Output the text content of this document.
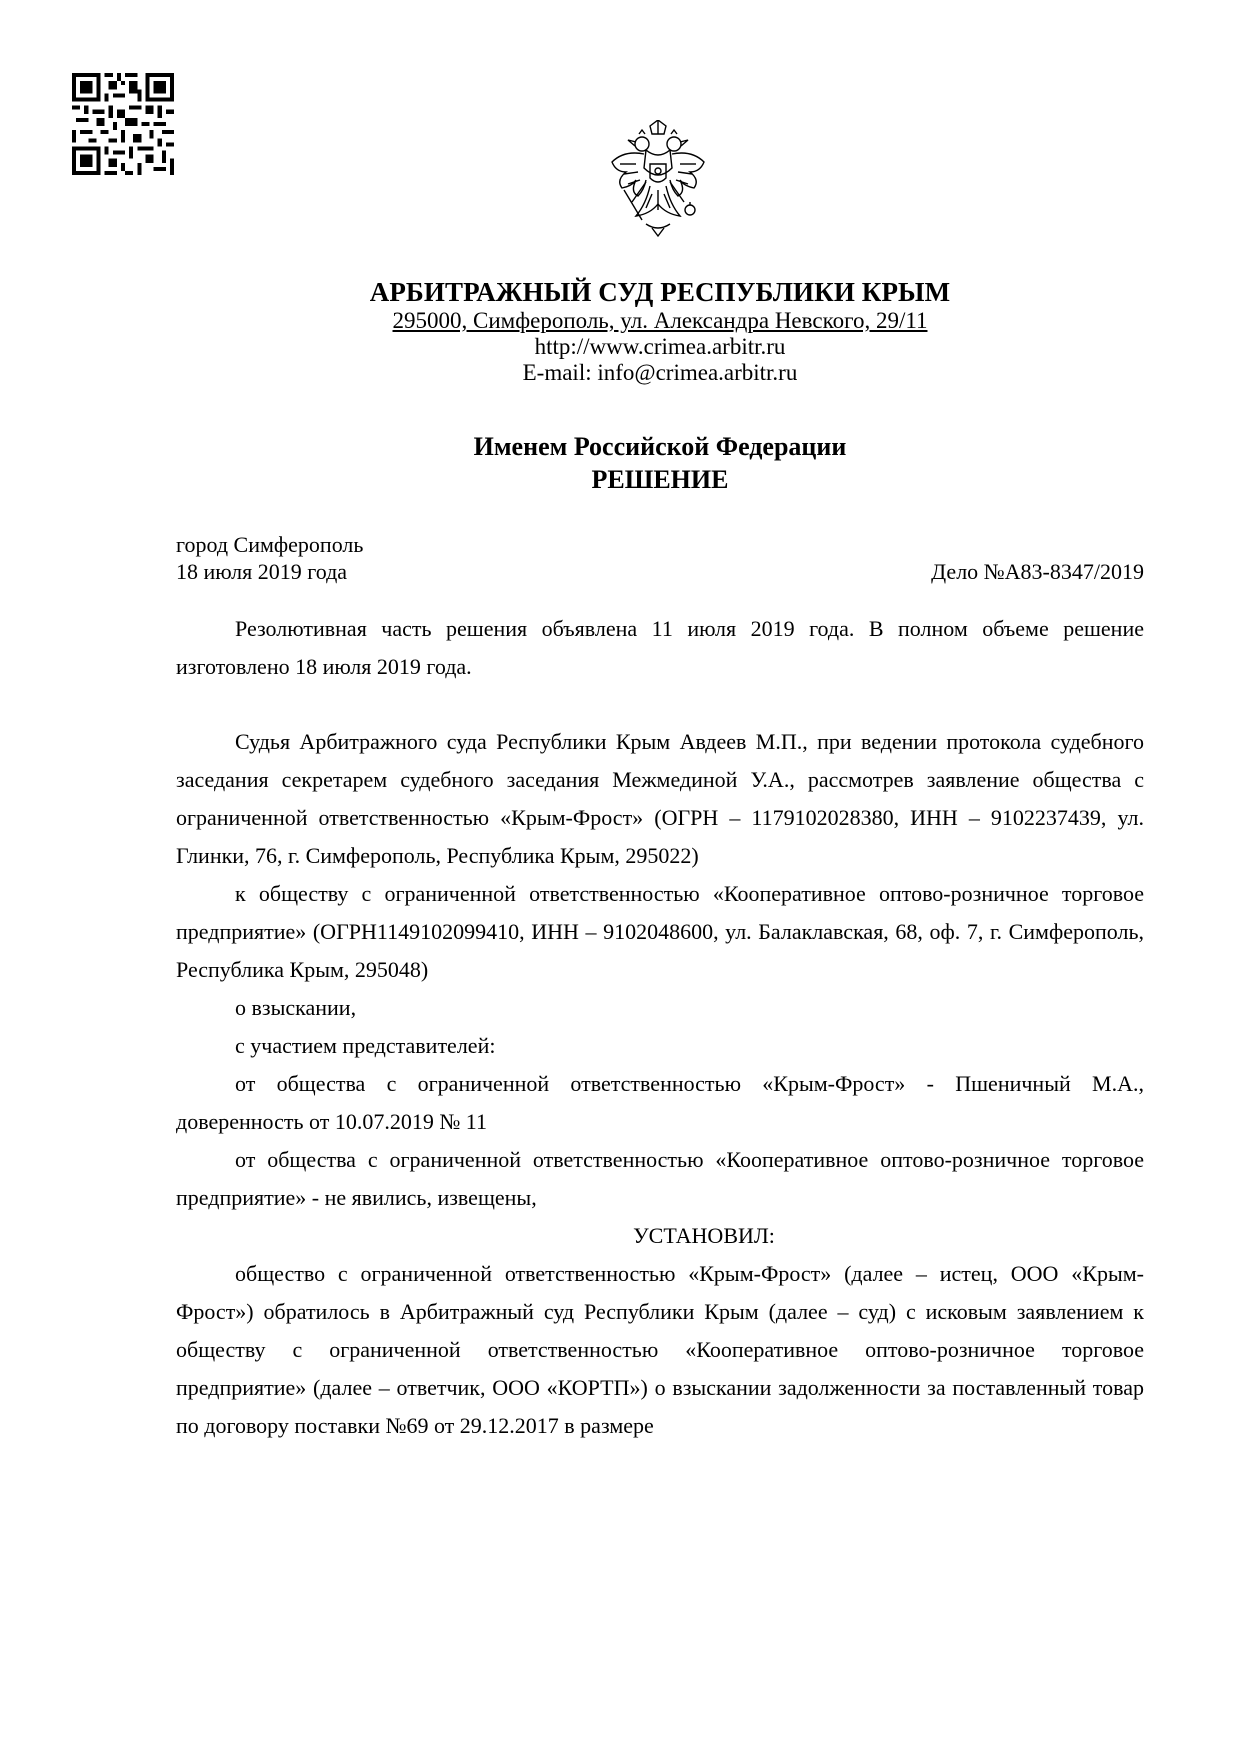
АРБИТРАЖНЫЙ СУД РЕСПУБЛИКИ КРЫМ
295000, Симферополь, ул. Александра Невского, 29/11
http://www.crimea.arbitr.ru
E-mail: info@crimea.arbitr.ru
Именем Российской Федерации
РЕШЕНИЕ
город Симферополь
18 июля 2019 года	Дело №А83-8347/2019

Резолютивная часть решения объявлена 11 июля 2019 года. В полном объеме решение изготовлено 18 июля 2019 года.

Судья Арбитражного суда Республики Крым Авдеев М.П., при ведении протокола судебного заседания секретарем судебного заседания Межмединой У.А., рассмотрев заявление общества с ограниченной ответственностью «Крым-Фрост» (ОГРН – 1179102028380, ИНН – 9102237439, ул. Глинки, 76, г. Симферополь, Республика Крым, 295022)

к обществу с ограниченной ответственностью «Кооперативное оптово-розничное торговое предприятие» (ОГРН1149102099410, ИНН – 9102048600, ул. Балаклавская, 68, оф. 7, г. Симферополь, Республика Крым, 295048)

о взыскании,

с участием представителей:

от общества с ограниченной ответственностью «Крым-Фрост» - Пшеничный М.А., доверенность от 10.07.2019 № 11

от общества с ограниченной ответственностью «Кооперативное оптово-розничное торговое предприятие» - не явились, извещены,

УСТАНОВИЛ:

общество с ограниченной ответственностью «Крым-Фрост» (далее – истец, ООО «Крым-Фрост») обратилось в Арбитражный суд Республики Крым (далее – суд) с исковым заявлением к обществу с ограниченной ответственностью «Кооперативное оптово-розничное торговое предприятие» (далее – ответчик, ООО «КОРТП») о взыскании задолженности за поставленный товар по договору поставки №69 от 29.12.2017 в размере
